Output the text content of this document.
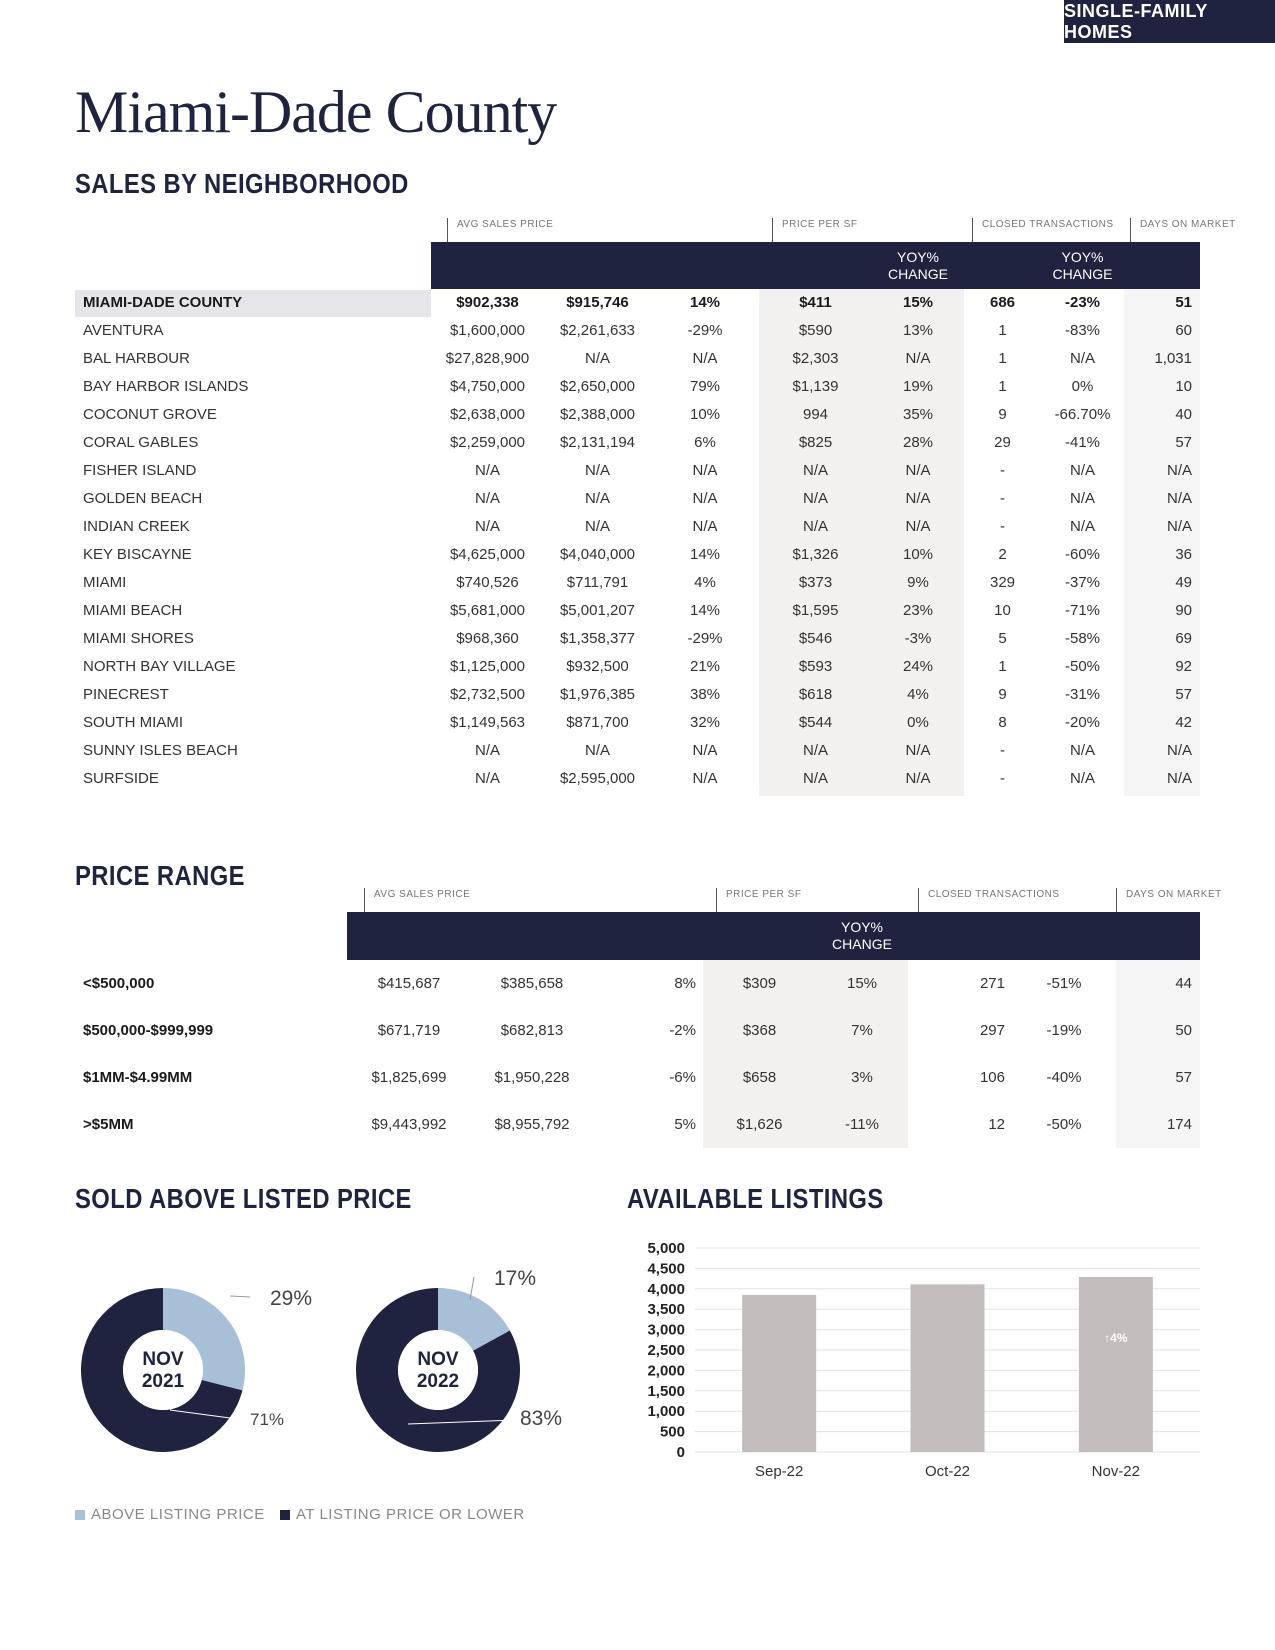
SINGLE-FAMILY HOMES
Miami-Dade County
SALES BY NEIGHBORHOOD
AVG SALES PRICE	PRICE PER SF	CLOSED TRANSACTIONS	DAYS ON MARKET
YOY%
CHANGE
YOY%
CHANGE
MIAMI-DADE COUNTY	$902,338	$915,746	14%	$411	15%	686	-23%	51
AVENTURA	$1,600,000	$2,261,633	-29%	$590	13%	1	-83%	60
BAL HARBOUR	$27,828,900	N/A	N/A	$2,303	N/A	1	N/A	1,031
BAY HARBOR ISLANDS	$4,750,000	$2,650,000	79%	$1,139	19%	1	0%	10
COCONUT GROVE	$2,638,000	$2,388,000	10%	994	35%	9	-66.70%	40
CORAL GABLES	$2,259,000	$2,131,194	6%	$825	28%	29	-41%	57
FISHER ISLAND	N/A	N/A	N/A	N/A	N/A	-	N/A	N/A
GOLDEN BEACH	N/A	N/A	N/A	N/A	N/A	-	N/A	N/A
INDIAN CREEK	N/A	N/A	N/A	N/A	N/A	-	N/A	N/A
KEY BISCAYNE	$4,625,000	$4,040,000	14%	$1,326	10%	2	-60%	36
MIAMI	$740,526	$711,791	4%	$373	9%	329	-37%	49
MIAMI BEACH	$5,681,000	$5,001,207	14%	$1,595	23%	10	-71%	90
MIAMI SHORES	$968,360	$1,358,377	-29%	$546	-3%	5	-58%	69
NORTH BAY VILLAGE	$1,125,000	$932,500	21%	$593	24%	1	-50%	92
PINECREST	$2,732,500	$1,976,385	38%	$618	4%	9	-31%	57
SOUTH MIAMI	$1,149,563	$871,700	32%	$544	0%	8	-20%	42
SUNNY ISLES BEACH	N/A	N/A	N/A	N/A	N/A	-	N/A	N/A
SURFSIDE	N/A	$2,595,000	N/A	N/A	N/A	-	N/A	N/A
PRICE RANGE
AVG SALES PRICE	PRICE PER SF	CLOSED TRANSACTIONS	DAYS ON MARKET
YOY%
CHANGE
<$500,000	$415,687	$385,658	8%	$309	15%	271	-51%	44
$500,000-$999,999	$671,719	$682,813	-2%	$368	7%	297	-19%	50
$1MM-$4.99MM	$1,825,699	$1,950,228	-6%	$658	3%	106	-40%	57
>$5MM	$9,443,992	$8,955,792	5%	$1,626	-11%	12	-50%	174
SOLD ABOVE LISTED PRICE
NOV
2021
29%
71%
NOV
2022
17%
83%
ABOVE LISTING PRICE AT LISTING PRICE OR LOWER
AVAILABLE LISTINGS
0
500
1,000
1,500
2,000
2,500
3,000
3,500
4,000
4,500
5,000
Sep-22	Oct-22	Nov-22
↑4%
